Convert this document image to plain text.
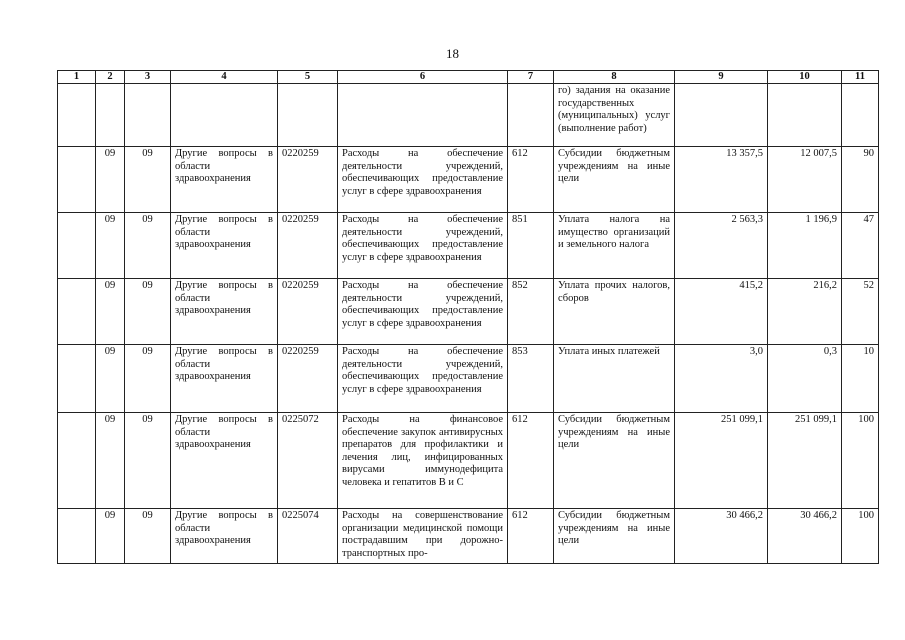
18
1	2	3	4	5	6	7	8	9	10	11
							го) задания на оказание государственных (муниципальных) услуг (выполнение работ)			
	09	09	Другие вопросы в области здравоохранения	0220259	Расходы на обеспечение деятельности учреждений, обеспечивающих предоставление услуг в сфере здравоохранения	612	Субсидии бюджетным учреждениям на иные цели	13 357,5	12 007,5	90
	09	09	Другие вопросы в области здравоохранения	0220259	Расходы на обеспечение деятельности учреждений, обеспечивающих предоставление услуг в сфере здравоохранения	851	Уплата налога на имущество организаций и земельного налога	2 563,3	1 196,9	47
	09	09	Другие вопросы в области здравоохранения	0220259	Расходы на обеспечение деятельности учреждений, обеспечивающих предоставление услуг в сфере здравоохранения	852	Уплата прочих налогов, сборов	415,2	216,2	52
	09	09	Другие вопросы в области здравоохранения	0220259	Расходы на обеспечение деятельности учреждений, обеспечивающих предоставление услуг в сфере здравоохранения	853	Уплата иных платежей	3,0	0,3	10
	09	09	Другие вопросы в области здравоохранения	0225072	Расходы на финансовое обеспечение закупок антивирусных препаратов для профилактики и лечения лиц, инфицированных вирусами иммунодефицита человека и гепатитов В и С	612	Субсидии бюджетным учреждениям на иные цели	251 099,1	251 099,1	100
	09	09	Другие вопросы в области здравоохранения	0225074	Расходы на совершенствование организации медицинской помощи пострадавшим при дорожно-транспортных про-	612	Субсидии бюджетным учреждениям на иные цели	30 466,2	30 466,2	100
